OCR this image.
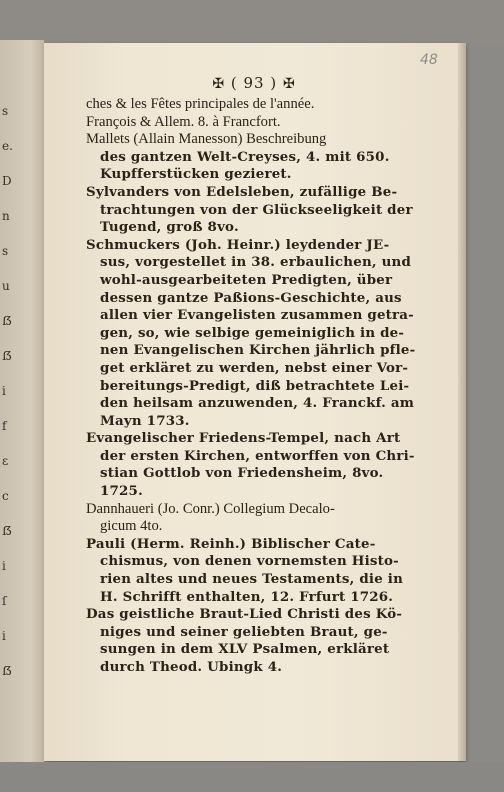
s
e.
D
n
s
u
ẞ
ẞ
i
f
ɛ
c
ẞ
i
ſ
i
ẞ
48
✠ ( 93 ) ✠
ches & les Fêtes principales de l'année.
François & Allem. 8. à Francfort.
Mallets (Allain Manesson) Beschreibung
des gantzen Welt-Creyses, 4. mit 650.
Kupfferstücken gezieret.
Sylvanders von Edelsleben, zufällige Be-
trachtungen von der Glückseeligkeit der
Tugend, groß 8vo.
Schmuckers (Joh. Heinr.) leydender JE-
sus, vorgestellet in 38. erbaulichen, und
wohl-ausgearbeiteten Predigten, über
dessen gantze Paßions-Geschichte, aus
allen vier Evangelisten zusammen getra-
gen, so, wie selbige gemeiniglich in de-
nen Evangelischen Kirchen jährlich pfle-
get erkläret zu werden, nebst einer Vor-
bereitungs-Predigt, diß betrachtete Lei-
den heilsam anzuwenden, 4. Franckf. am
Mayn 1733.
Evangelischer Friedens-Tempel, nach Art
der ersten Kirchen, entworffen von Chri-
stian Gottlob von Friedensheim, 8vo.
1725.
Dannhaueri (Jo. Conr.) Collegium Decalo-
gicum 4to.
Pauli (Herm. Reinh.) Biblischer Cate-
chismus, von denen vornemsten Histo-
rien altes und neues Testaments, die in
H. Schrifft enthalten, 12. Frfurt 1726.
Das geistliche Braut-Lied Christi des Kö-
niges und seiner geliebten Braut, ge-
sungen in dem XLV Psalmen, erkläret
durch Theod. Ubingk 4.
